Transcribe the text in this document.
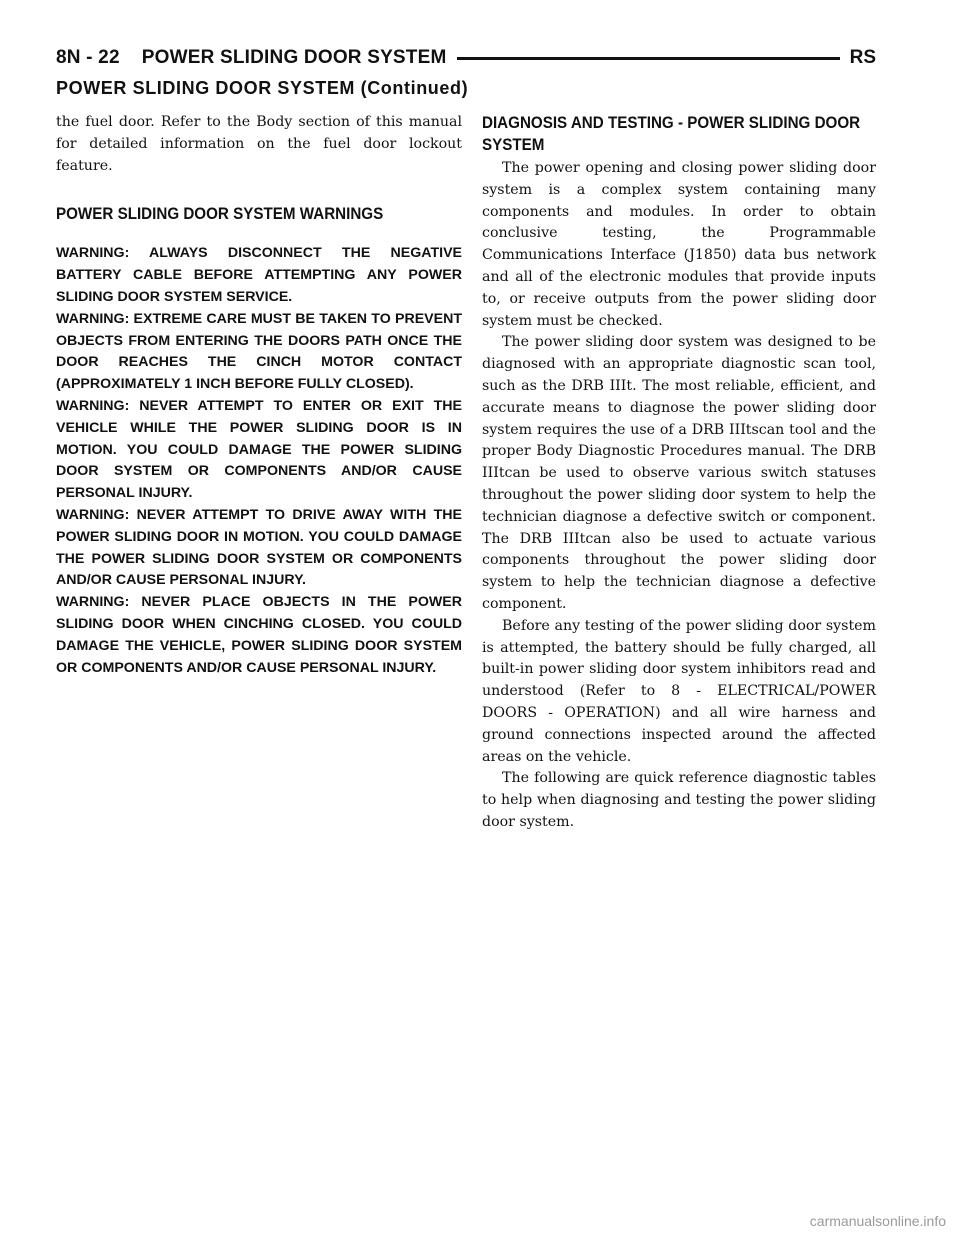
8N - 22 POWER SLIDING DOOR SYSTEM	RS
POWER SLIDING DOOR SYSTEM (Continued)

the fuel door. Refer to the Body section of this manual for detailed information on the fuel door lockout feature.

POWER SLIDING DOOR SYSTEM WARNINGS

WARNING: ALWAYS DISCONNECT THE NEGATIVE BATTERY CABLE BEFORE ATTEMPTING ANY POWER SLIDING DOOR SYSTEM SERVICE.

WARNING: EXTREME CARE MUST BE TAKEN TO PREVENT OBJECTS FROM ENTERING THE DOORS PATH ONCE THE DOOR REACHES THE CINCH MOTOR CONTACT (APPROXIMATELY 1 INCH BEFORE FULLY CLOSED).

WARNING: NEVER ATTEMPT TO ENTER OR EXIT THE VEHICLE WHILE THE POWER SLIDING DOOR IS IN MOTION. YOU COULD DAMAGE THE POWER SLIDING DOOR SYSTEM OR COMPONENTS AND/OR CAUSE PERSONAL INJURY.

WARNING: NEVER ATTEMPT TO DRIVE AWAY WITH THE POWER SLIDING DOOR IN MOTION. YOU COULD DAMAGE THE POWER SLIDING DOOR SYSTEM OR COMPONENTS AND/OR CAUSE PERSONAL INJURY.

WARNING: NEVER PLACE OBJECTS IN THE POWER SLIDING DOOR WHEN CINCHING CLOSED. YOU COULD DAMAGE THE VEHICLE, POWER SLIDING DOOR SYSTEM OR COMPONENTS AND/OR CAUSE PERSONAL INJURY.

DIAGNOSIS AND TESTING - POWER SLIDING DOOR SYSTEM

The power opening and closing power sliding door system is a complex system containing many components and modules. In order to obtain conclusive testing, the Programmable Communications Interface (J1850) data bus network and all of the electronic modules that provide inputs to, or receive outputs from the power sliding door system must be checked.

The power sliding door system was designed to be diagnosed with an appropriate diagnostic scan tool, such as the DRB IIIt. The most reliable, efficient, and accurate means to diagnose the power sliding door system requires the use of a DRB IIItscan tool and the proper Body Diagnostic Procedures manual. The DRB IIItcan be used to observe various switch statuses throughout the power sliding door system to help the technician diagnose a defective switch or component. The DRB IIItcan also be used to actuate various components throughout the power sliding door system to help the technician diagnose a defective component.

Before any testing of the power sliding door system is attempted, the battery should be fully charged, all built-in power sliding door system inhibitors read and understood (Refer to 8 - ELECTRICAL/POWER DOORS - OPERATION) and all wire harness and ground connections inspected around the affected areas on the vehicle.

The following are quick reference diagnostic tables to help when diagnosing and testing the power sliding door system.

carmanualsonline.info
